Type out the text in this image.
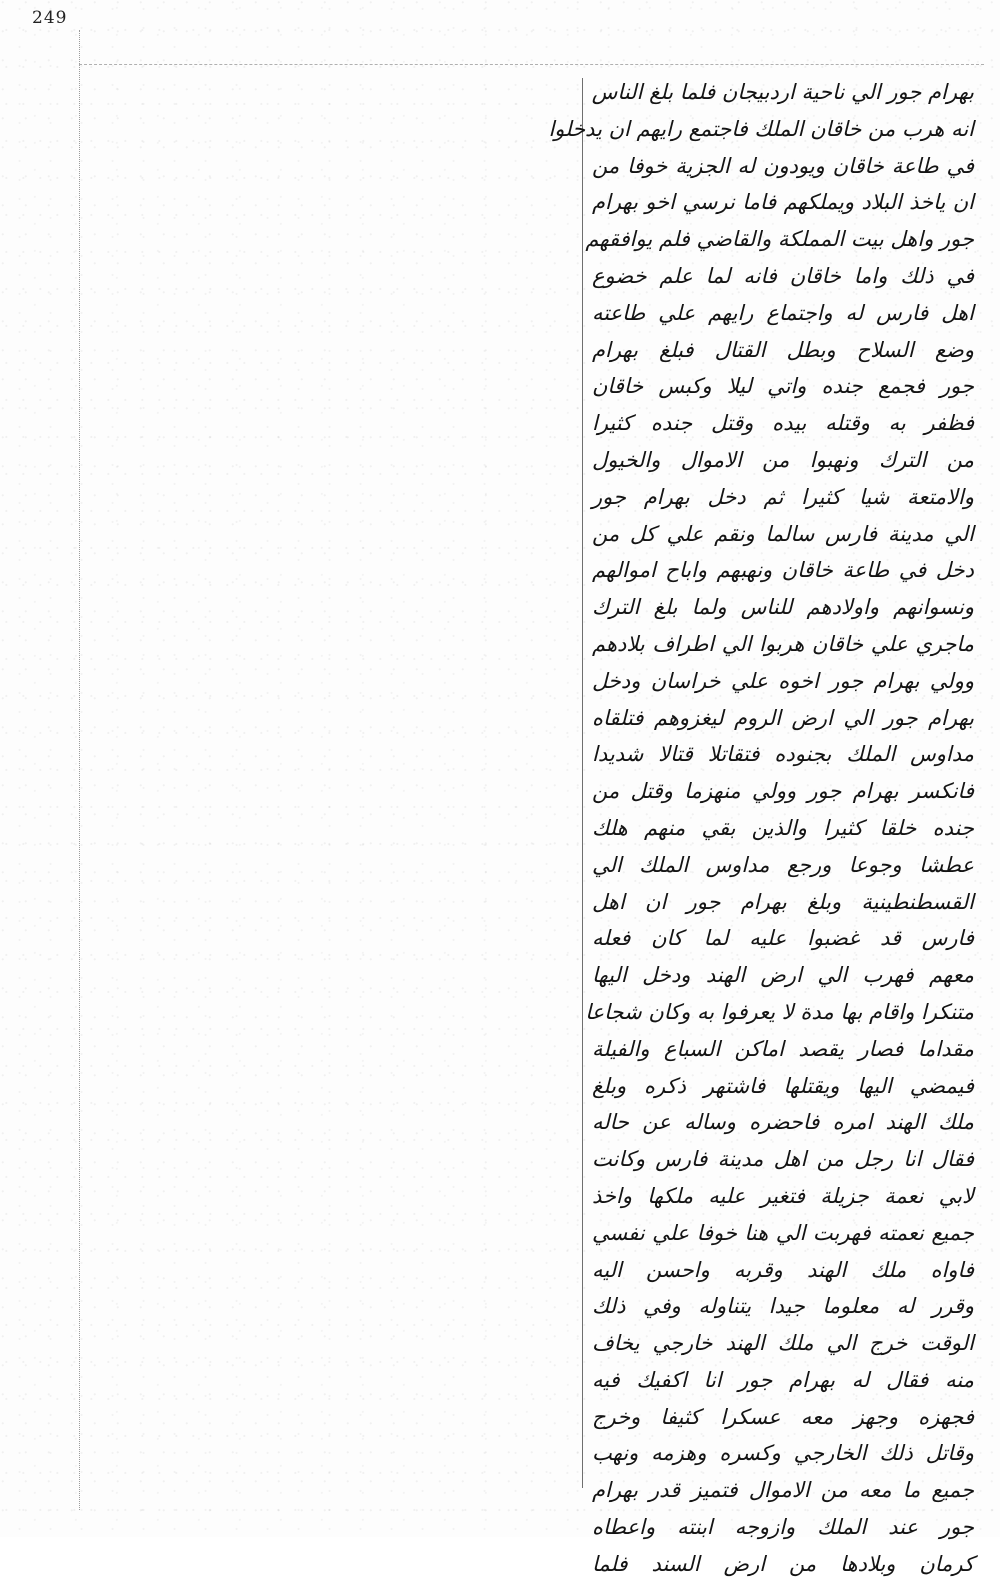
249
بهرام جور الي ناحية اردبيجان فلما بلغ الناس
انه هرب من خاقان الملك فاجتمع رايهم ان يدخلوا
في طاعة خاقان ويودون له الجزية خوفا من
ان ياخذ البلاد ويملكهم فاما نرسي اخو بهرام
جور واهل بيت المملكة والقاضي فلم يوافقهم
في ذلك واما خاقان فانه لما علم خضوع
اهل فارس له واجتماع رايهم علي طاعته
وضع السلاح وبطل القتال فبلغ بهرام
جور فجمع جنده واتي ليلا وكبس خاقان
فظفر به وقتله بيده وقتل جنده كثيرا
من الترك ونهبوا من الاموال والخيول
والامتعة شيا كثيرا ثم دخل بهرام جور
الي مدينة فارس سالما ونقم علي كل من
دخل في طاعة خاقان ونهبهم واباح اموالهم
ونسوانهم واولادهم للناس ولما بلغ الترك
ماجري علي خاقان هربوا الي اطراف بلادهم
وولي بهرام جور اخوه علي خراسان ودخل
بهرام جور الي ارض الروم ليغزوهم فتلقاه
مداوس الملك بجنوده فتقاتلا قتالا شديدا
فانكسر بهرام جور وولي منهزما وقتل من
جنده خلقا كثيرا والذين بقي منهم هلك
عطشا وجوعا ورجع مداوس الملك الي
القسطنطينية وبلغ بهرام جور ان اهل
فارس قد غضبوا عليه لما كان فعله
معهم فهرب الي ارض الهند ودخل اليها
متنكرا واقام بها مدة لا يعرفوا به وكان شجاعا
مقداما فصار يقصد اماكن السباع والفيلة
فيمضي اليها ويقتلها فاشتهر ذكره وبلغ
ملك الهند امره فاحضره وساله عن حاله
فقال انا رجل من اهل مدينة فارس وكانت
لابي نعمة جزيلة فتغير عليه ملكها واخذ
جميع نعمته فهربت الي هنا خوفا علي نفسي
فاواه ملك الهند وقربه واحسن اليه
وقرر له معلوما جيدا يتناوله وفي ذلك
الوقت خرج الي ملك الهند خارجي يخاف
منه فقال له بهرام جور انا اكفيك فيه
فجهزه وجهز معه عسكرا كثيفا وخرج
وقاتل ذلك الخارجي وكسره وهزمه ونهب
جميع ما معه من الاموال فتميز قدر بهرام
جور عند الملك وازوجه ابنته واعطاه
كرمان وبلادها من ارض السند فلما
